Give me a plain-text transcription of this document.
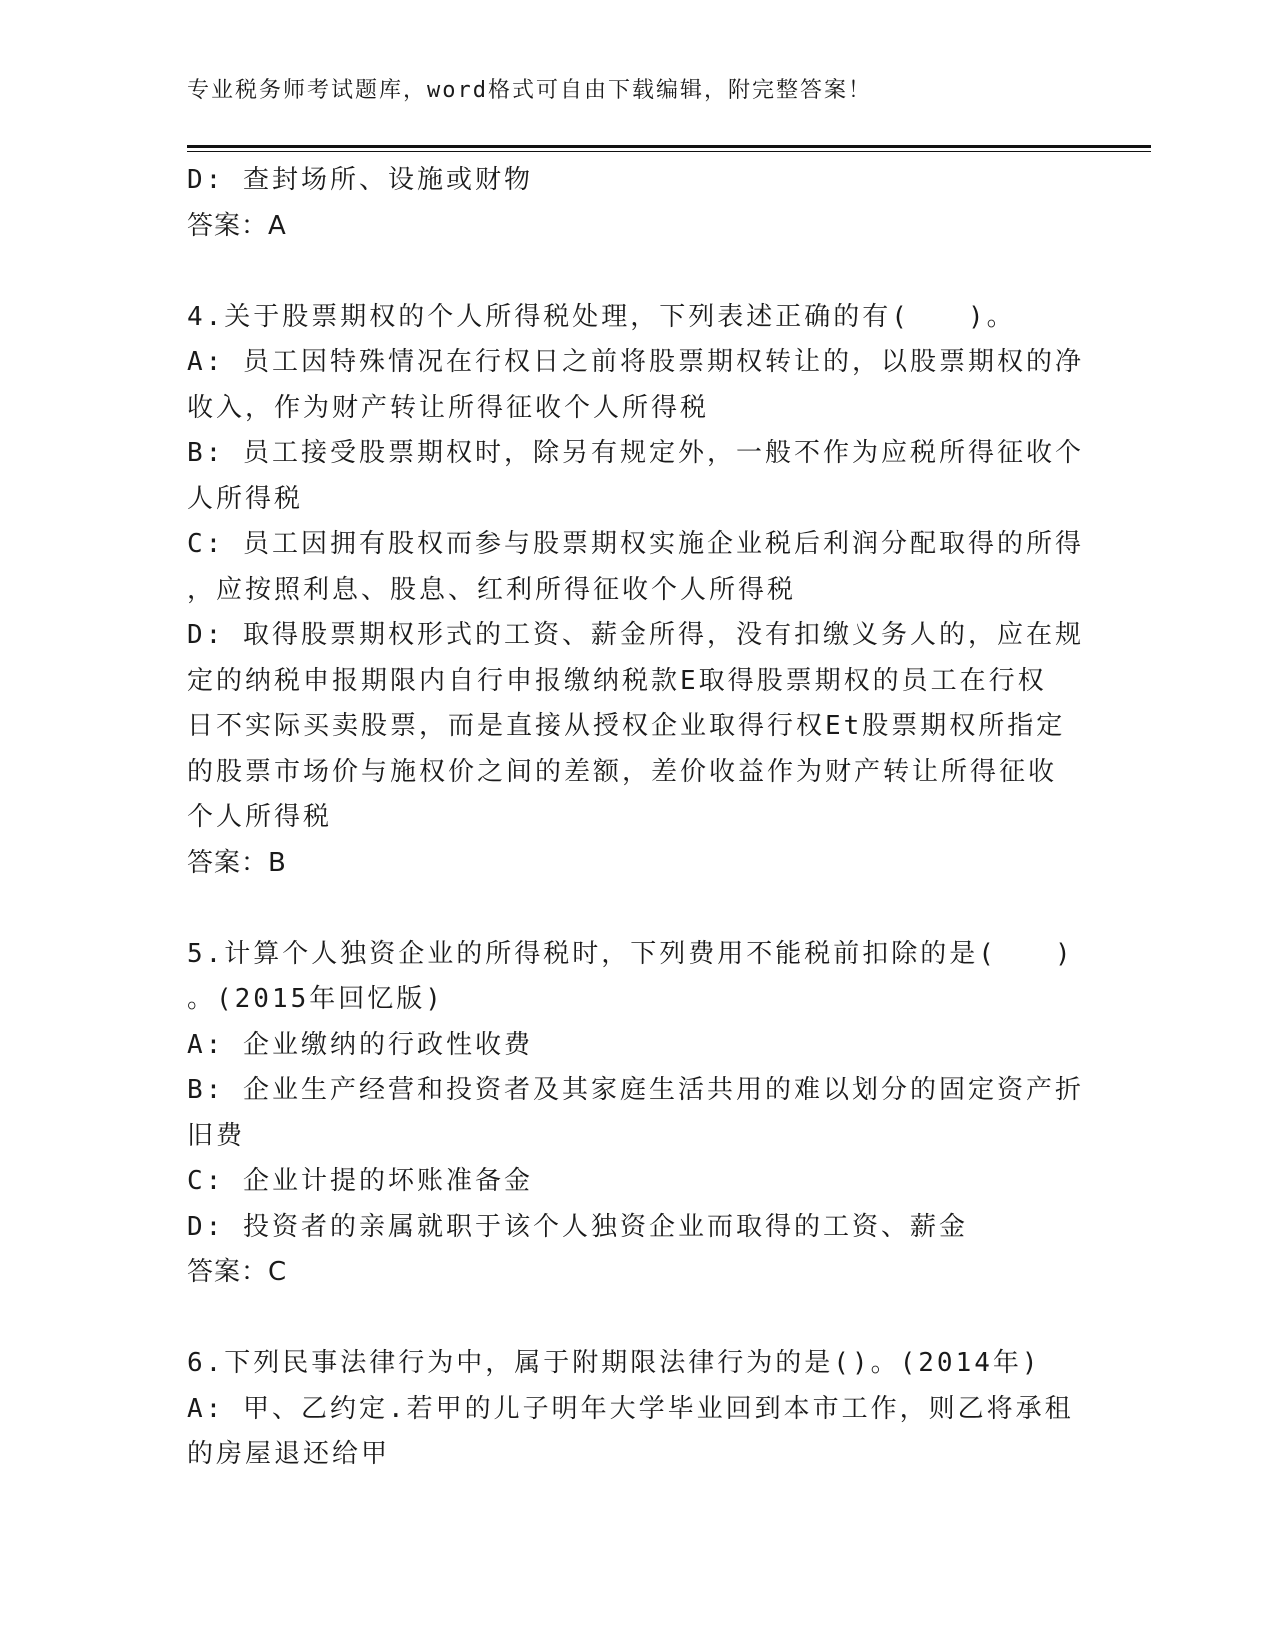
专业税务师考试题库，word格式可自由下载编辑，附完整答案！
D: 查封场所、设施或财物
答案：A
4.关于股票期权的个人所得税处理，下列表述正确的有(　　)。
A: 员工因特殊情况在行权日之前将股票期权转让的，以股票期权的净
收入，作为财产转让所得征收个人所得税
B: 员工接受股票期权时，除另有规定外，一般不作为应税所得征收个
人所得税
C: 员工因拥有股权而参与股票期权实施企业税后利润分配取得的所得
，应按照利息、股息、红利所得征收个人所得税
D: 取得股票期权形式的工资、薪金所得，没有扣缴义务人的，应在规
定的纳税申报期限内自行申报缴纳税款E取得股票期权的员工在行权
日不实际买卖股票，而是直接从授权企业取得行权Et股票期权所指定
的股票市场价与施权价之间的差额，差价收益作为财产转让所得征收
个人所得税
答案：B
5.计算个人独资企业的所得税时，下列费用不能税前扣除的是(　　)
。(2015年回忆版)
A: 企业缴纳的行政性收费
B: 企业生产经营和投资者及其家庭生活共用的难以划分的固定资产折
旧费
C: 企业计提的坏账准备金
D: 投资者的亲属就职于该个人独资企业而取得的工资、薪金
答案：C
6.下列民事法律行为中，属于附期限法律行为的是()。(2014年)
A: 甲、乙约定.若甲的儿子明年大学毕业回到本市工作，则乙将承租
的房屋退还给甲
